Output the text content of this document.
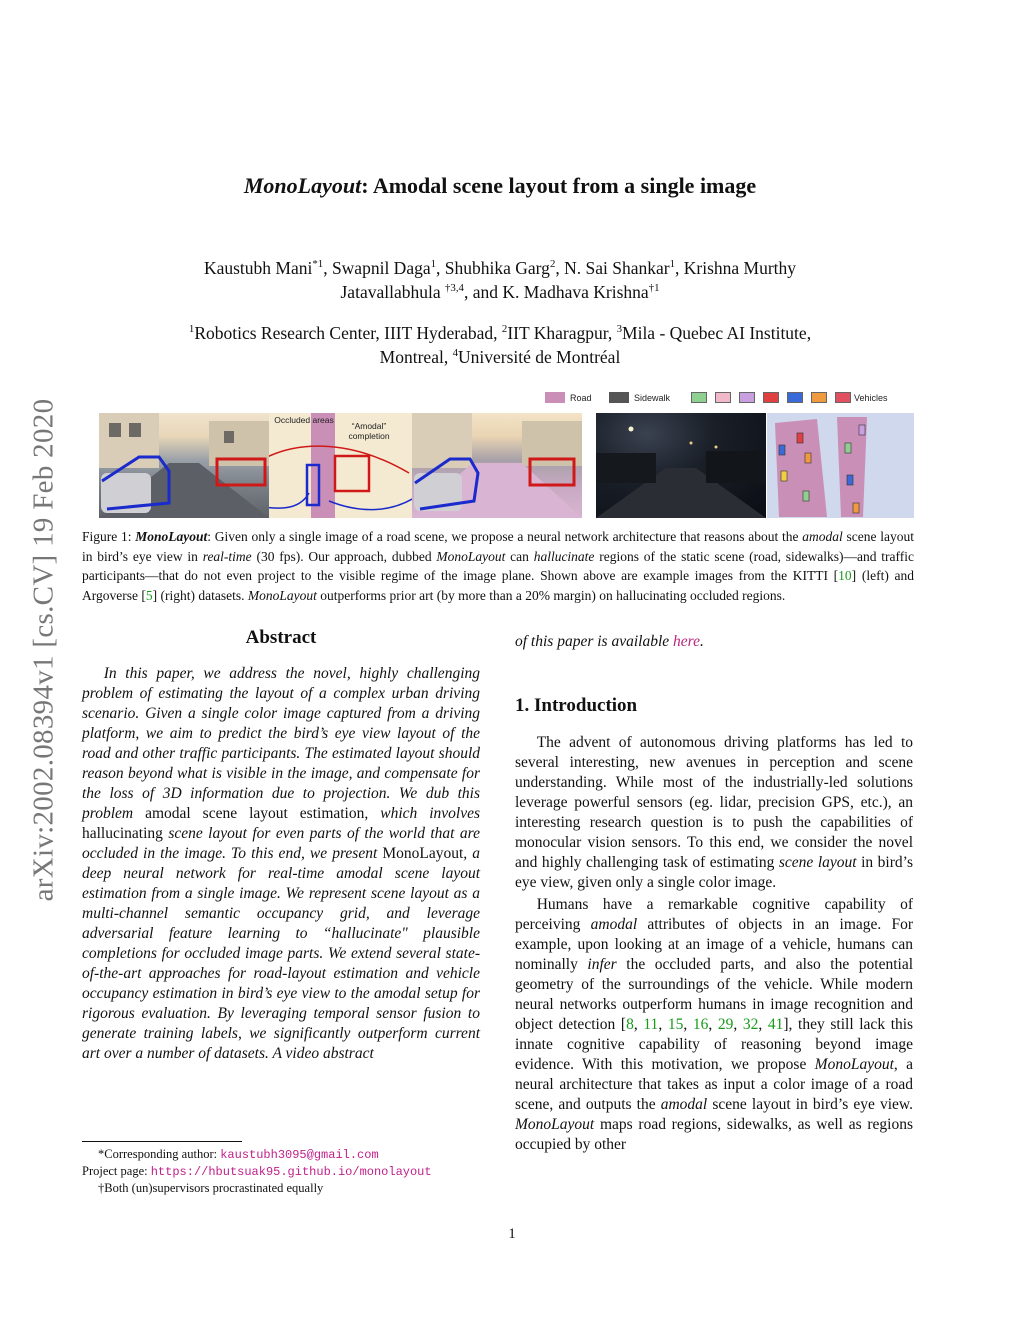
arXiv:2002.08394v1 [cs.CV] 19 Feb 2020
MonoLayout: Amodal scene layout from a single image
Kaustubh Mani$^{*1}$, Swapnil Daga$^1$, Shubhika Garg$^2$, N. Sai Shankar$^1$, Krishna Murthy
Jatavallabhula $^{\dagger 3,4}$, and K. Madhava Krishna$^{\dagger 1}$
$^1$Robotics Research Center, IIIT Hyderabad, $^2$IIT Kharagpur, $^3$Mila - Quebec AI Institute,
Montreal, $^4$Université de Montréal
Road	Sidewalk	Vehicles
Occluded areas
“Amodal” completion
Figure 1: MonoLayout: Given only a single image of a road scene, we propose a neural network architecture that reasons about the amodal scene layout in bird’s eye view in real-time (30 fps). Our approach, dubbed MonoLayout can hallucinate regions of the static scene (road, sidewalks)—and traffic participants—that do not even project to the visible regime of the image plane. Shown above are example images from the KITTI [10] (left) and Argoverse [5] (right) datasets. MonoLayout outperforms prior art (by more than a 20% margin) on hallucinating occluded regions.
Abstract
In this paper, we address the novel, highly challenging problem of estimating the layout of a complex urban driving scenario. Given a single color image captured from a driving platform, we aim to predict the bird’s eye view layout of the road and other traffic participants. The estimated layout should reason beyond what is visible in the image, and compensate for the loss of 3D information due to projection. We dub this problem amodal scene layout estimation, which involves hallucinating scene layout for even parts of the world that are occluded in the image. To this end, we present MonoLayout, a deep neural network for real-time amodal scene layout estimation from a single image. We represent scene layout as a multi-channel semantic occupancy grid, and leverage adversarial feature learning to “hallucinate" plausible completions for occluded image parts. We extend several state-of-the-art approaches for road-layout estimation and vehicle occupancy estimation in bird’s eye view to the amodal setup for rigorous evaluation. By leveraging temporal sensor fusion to generate training labels, we significantly outperform current art over a number of datasets. A video abstract
of this paper is available here.
1. Introduction

The advent of autonomous driving platforms has led to several interesting, new avenues in perception and scene understanding. While most of the industrially-led solutions leverage powerful sensors (eg. lidar, precision GPS, etc.), an interesting research question is to push the capabilities of monocular vision sensors. To this end, we consider the novel and highly challenging task of estimating scene layout in bird’s eye view, given only a single color image.

Humans have a remarkable cognitive capability of perceiving amodal attributes of objects in an image. For example, upon looking at an image of a vehicle, humans can nominally infer the occluded parts, and also the potential geometry of the surroundings of the vehicle. While modern neural networks outperform humans in image recognition and object detection [8, 11, 15, 16, 29, 32, 41], they still lack this innate cognitive capability of reasoning beyond image evidence. With this motivation, we propose MonoLayout, a neural architecture that takes as input a color image of a road scene, and outputs the amodal scene layout in bird’s eye view. MonoLayout maps road regions, sidewalks, as well as regions occupied by other

*Corresponding author: kaustubh3095@gmail.com
Project page: https://hbutsuak95.github.io/monolayout
†Both (un)supervisors procrastinated equally
1
